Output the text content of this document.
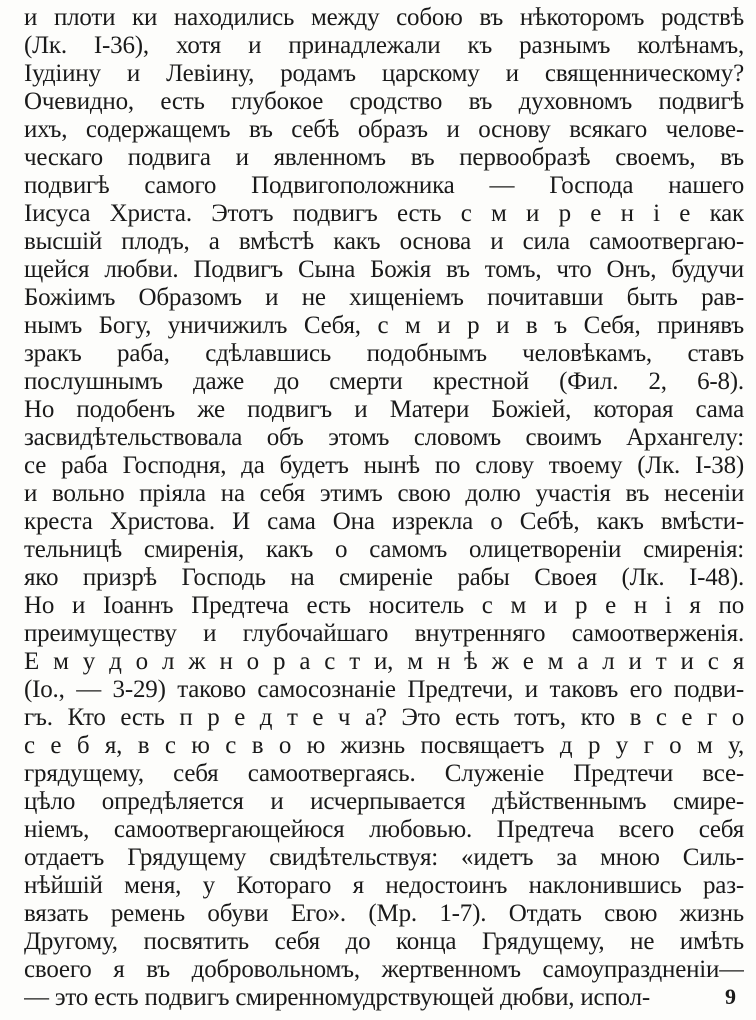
и плоти ки находились между собою въ нѣкоторомъ родствѣ
(Лк. I-36), хотя и принадлежали къ разнымъ колѣнамъ,
Іудіину и Левіину, родамъ царскому и священническому?
Очевидно, есть глубокое сродство въ духовномъ подвигѣ
ихъ, содержащемъ въ себѣ образъ и основу всякаго челове-
ческаго подвига и явленномъ въ первообразѣ своемъ, въ
подвигѣ самого Подвигоположника — Господа нашего
Іисуса Христа. Этотъ подвигъ есть с м и р е н і е как
высшій плодъ, а вмѣстѣ какъ основа и сила самоотвергаю-
щейся любви. Подвигъ Сына Божія въ томъ, что Онъ, будучи
Божіимъ Образомъ и не хищеніемъ почитавши быть рав-
нымъ Богу, уничижилъ Себя, с м и р и в ъ Себя, принявъ
зракъ раба, сдѣлавшись подобнымъ человѣкамъ, ставъ
послушнымъ даже до смерти крестной (Фил. 2, 6-8).
Но подобенъ же подвигъ и Матери Божіей, которая сама
засвидѣтельствовала объ этомъ словомъ своимъ Архангелу:
се раба Господня, да будетъ нынѣ по слову твоему (Лк. I-38)
и вольно пріяла на себя этимъ свою долю участія въ несеніи
креста Христова. И сама Она изрекла о Себѣ, какъ вмѣсти-
тельницѣ смиренія, какъ о самомъ олицетвореніи смиренія:
яко призрѣ Господь на смиреніе рабы Своея (Лк. I-48).
Но и Іоаннъ Предтеча есть носитель с м и р е н і я по
преимуществу и глубочайшаго внутренняго самоотверженія.
Е м у д о л ж н о р а с т и, м н ѣ ж е м а л и т и с я
(Io., — 3-29) таково самосознаніе Предтечи, и таковъ его подви-
гъ. Кто есть п р е д т е ч а? Это есть тотъ, кто в с е г о
с е б я, в с ю с в о ю жизнь посвящаетъ д р у г о м у,
грядущему, себя самоотвергаясь. Служеніе Предтечи все-
цѣло опредѣляется и исчерпывается дѣйственнымъ смире-
ніемъ, самоотвергающейюся любовью. Предтеча всего себя
отдаетъ Грядущему свидѣтельствуя: «идетъ за мною Силь-
нѣйшій меня, у Котораго я недостоинъ наклонившись раз-
вязать ремень обуви Его». (Мр. 1-7). Отдать свою жизнь
Другому, посвятить себя до конца Грядущему, не имѣть
своего я въ добровольномъ, жертвенномъ самоупраздненіи—
— это есть подвигъ смиренномудрствующей дюбви, испол-	9
